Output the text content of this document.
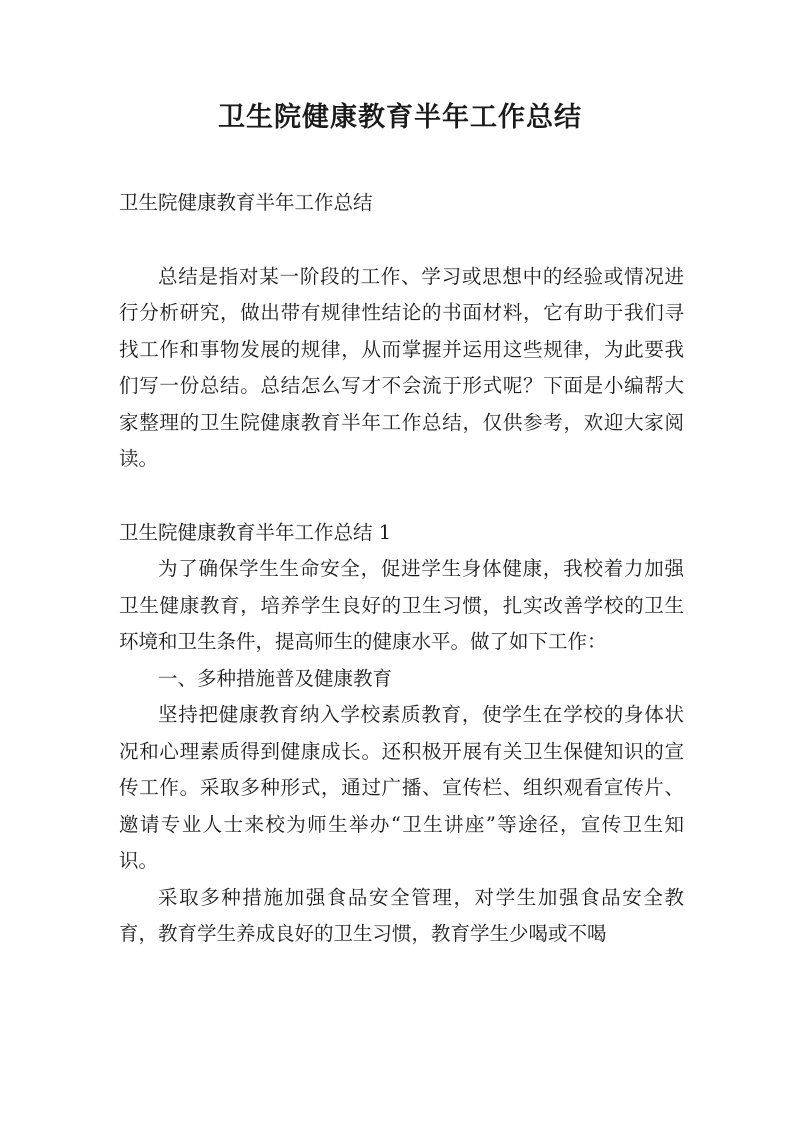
卫生院健康教育半年工作总结

卫生院健康教育半年工作总结

总结是指对某一阶段的工作、学习或思想中的经验或情况进行分析研究，做出带有规律性结论的书面材料，它有助于我们寻找工作和事物发展的规律，从而掌握并运用这些规律，为此要我们写一份总结。总结怎么写才不会流于形式呢？下面是小编帮大家整理的卫生院健康教育半年工作总结，仅供参考，欢迎大家阅读。

卫生院健康教育半年工作总结 1

为了确保学生生命安全，促进学生身体健康，我校着力加强卫生健康教育，培养学生良好的卫生习惯，扎实改善学校的卫生环境和卫生条件，提高师生的健康水平。做了如下工作：

一、多种措施普及健康教育

坚持把健康教育纳入学校素质教育，使学生在学校的身体状况和心理素质得到健康成长。还积极开展有关卫生保健知识的宣传工作。采取多种形式，通过广播、宣传栏、组织观看宣传片、邀请专业人士来校为师生举办“卫生讲座”等途径，宣传卫生知识。

采取多种措施加强食品安全管理，对学生加强食品安全教育，教育学生养成良好的卫生习惯，教育学生少喝或不喝
